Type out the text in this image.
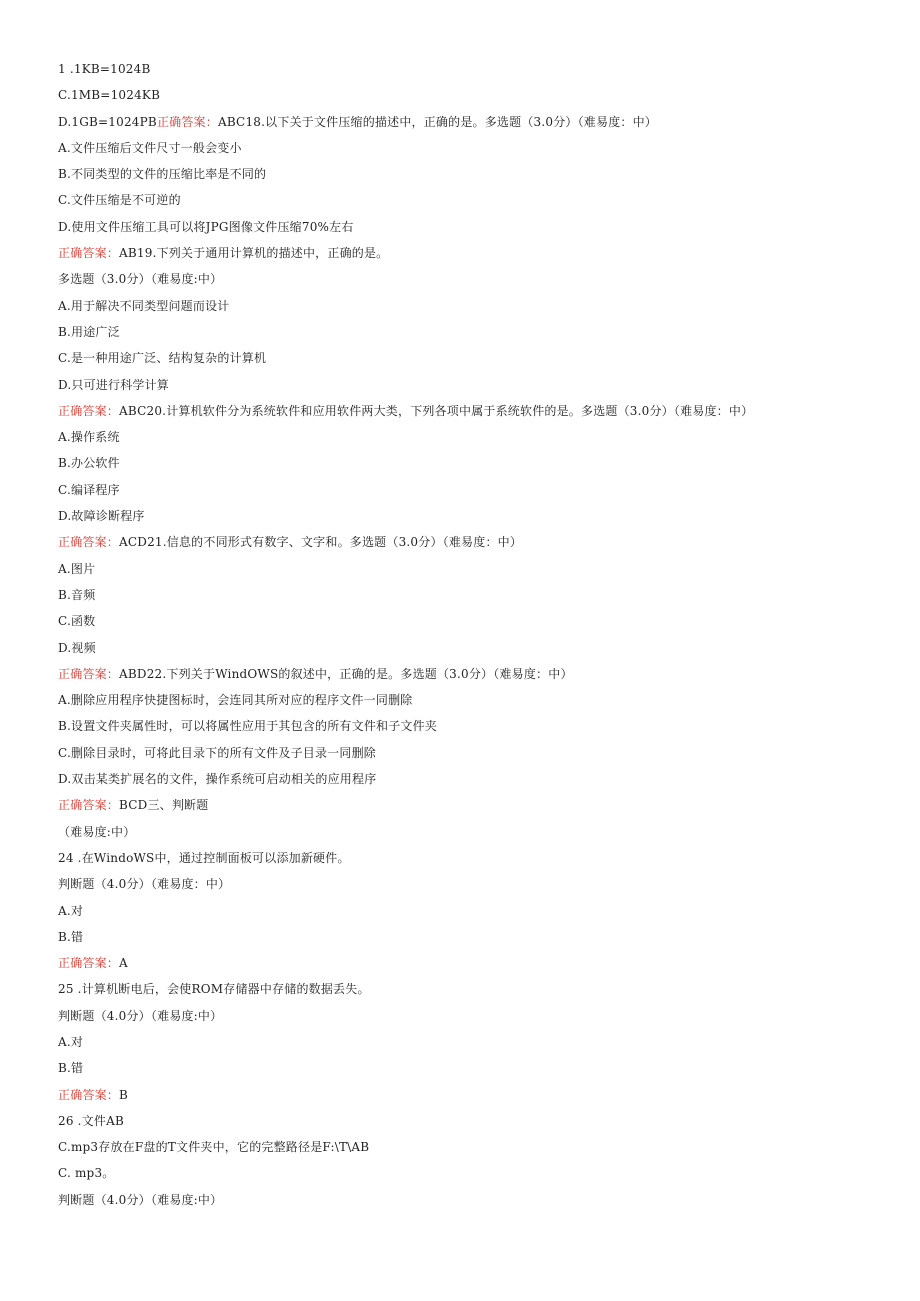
1 .1KB=1024B
C.1MB=1024KB
D.1GB=1024PB正确答案：ABC18.以下关于文件压缩的描述中，正确的是。多选题（3.0分）（难易度：中）
A.文件压缩后文件尺寸一般会变小
B.不同类型的文件的压缩比率是不同的
C.文件压缩是不可逆的
D.使用文件压缩工具可以将JPG图像文件压缩70%左右
正确答案：AB19.下列关于通用计算机的描述中，正确的是。
多选题（3.0分）（难易度:中）
A.用于解决不同类型问题而设计
B.用途广泛
C.是一种用途广泛、结构复杂的计算机
D.只可进行科学计算
正确答案：ABC20.计算机软件分为系统软件和应用软件两大类，下列各项中属于系统软件的是。多选题（3.0分）（难易度：中）
A.操作系统
B.办公软件
C.编译程序
D.故障诊断程序
正确答案：ACD21.信息的不同形式有数字、文字和。多选题（3.0分）（难易度：中）
A.图片
B.音频
C.函数
D.视频
正确答案：ABD22.下列关于WindOWS的叙述中，正确的是。多选题（3.0分）（难易度：中）
A.删除应用程序快捷图标时，会连同其所对应的程序文件一同删除
B.设置文件夹属性时，可以将属性应用于其包含的所有文件和子文件夹
C.删除目录时，可将此目录下的所有文件及子目录一同删除
D.双击某类扩展名的文件，操作系统可启动相关的应用程序
正确答案：BCD三、判断题
（难易度:中）
24 .在WindoWS中，通过控制面板可以添加新硬件。
判断题（4.0分）（难易度：中）
A.对
B.错
正确答案：A
25 .计算机断电后，会使ROM存储器中存储的数据丢失。
判断题（4.0分）（难易度:中）
A.对
B.错
正确答案：B
26 .文件AB
C.mp3存放在F盘的T文件夹中，它的完整路径是F:\T\AB
C. mp3。
判断题（4.0分）（难易度:中）
